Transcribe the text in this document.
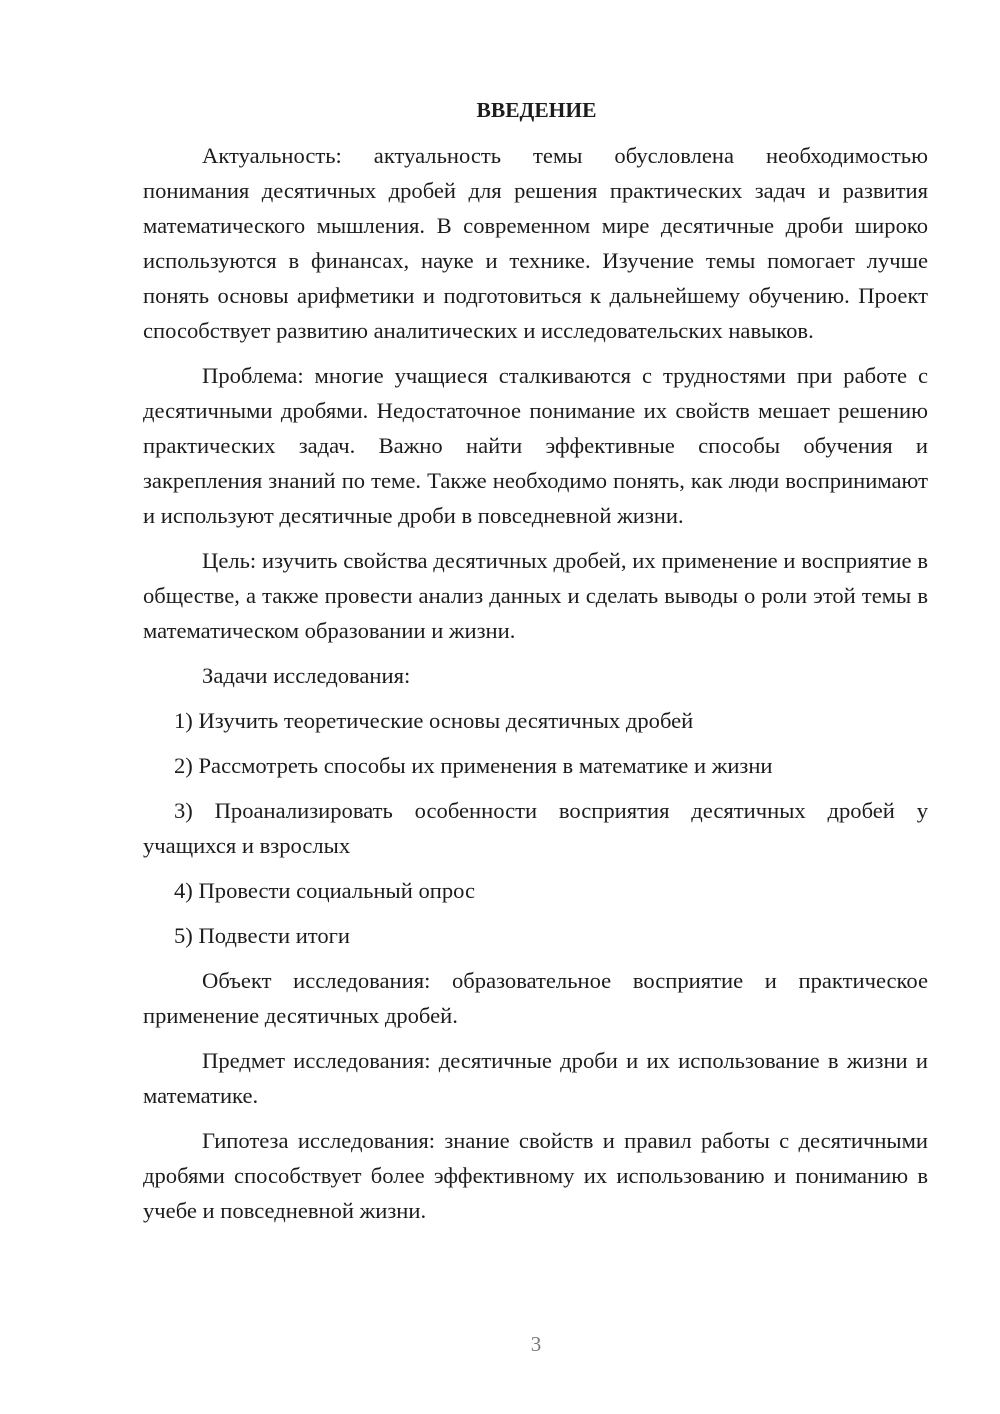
ВВЕДЕНИЕ

Актуальность: актуальность темы обусловлена необходимостью понимания десятичных дробей для решения практических задач и развития математического мышления. В современном мире десятичные дроби широко используются в финансах, науке и технике. Изучение темы помогает лучше понять основы арифметики и подготовиться к дальнейшему обучению. Проект способствует развитию аналитических и исследовательских навыков.

Проблема: многие учащиеся сталкиваются с трудностями при работе с десятичными дробями. Недостаточное понимание их свойств мешает решению практических задач. Важно найти эффективные способы обучения и закрепления знаний по теме. Также необходимо понять, как люди воспринимают и используют десятичные дроби в повседневной жизни.

Цель: изучить свойства десятичных дробей, их применение и восприятие в обществе, а также провести анализ данных и сделать выводы о роли этой темы в математическом образовании и жизни.

Задачи исследования:

1) Изучить теоретические основы десятичных дробей

2) Рассмотреть способы их применения в математике и жизни

3) Проанализировать особенности восприятия десятичных дробей у учащихся и взрослых

4) Провести социальный опрос

5) Подвести итоги

Объект исследования: образовательное восприятие и практическое применение десятичных дробей.

Предмет исследования: десятичные дроби и их использование в жизни и математике.

Гипотеза исследования: знание свойств и правил работы с десятичными дробями способствует более эффективному их использованию и пониманию в учебе и повседневной жизни.

3
